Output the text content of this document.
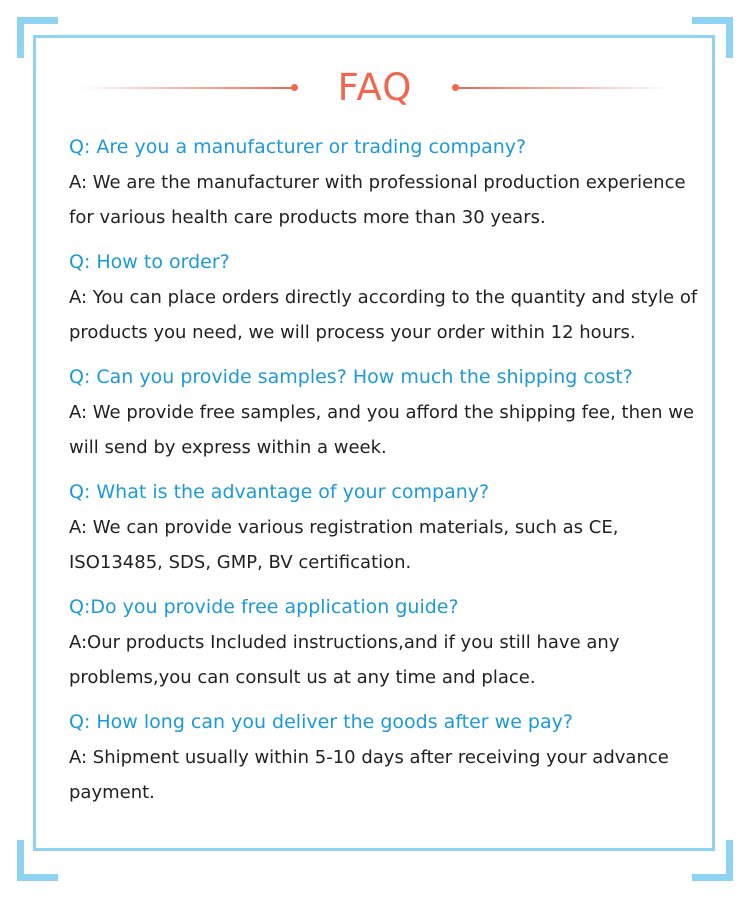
FAQ

Q: Are you a manufacturer or trading company?

A: We are the manufacturer with professional production experience for various health care products more than 30 years.

Q: How to order?

A: You can place orders directly according to the quantity and style of products you need, we will process your order within 12 hours.

Q: Can you provide samples? How much the shipping cost?

A: We provide free samples, and you afford the shipping fee, then we will send by express within a week.

Q: What is the advantage of your company?

A: We can provide various registration materials, such as CE, ISO13485, SDS, GMP, BV certification.

Q:Do you provide free application guide?

A:Our products Included instructions,and if you still have any problems,you can consult us at any time and place.

Q: How long can you deliver the goods after we pay?

A: Shipment usually within 5-10 days after receiving your advance payment.
